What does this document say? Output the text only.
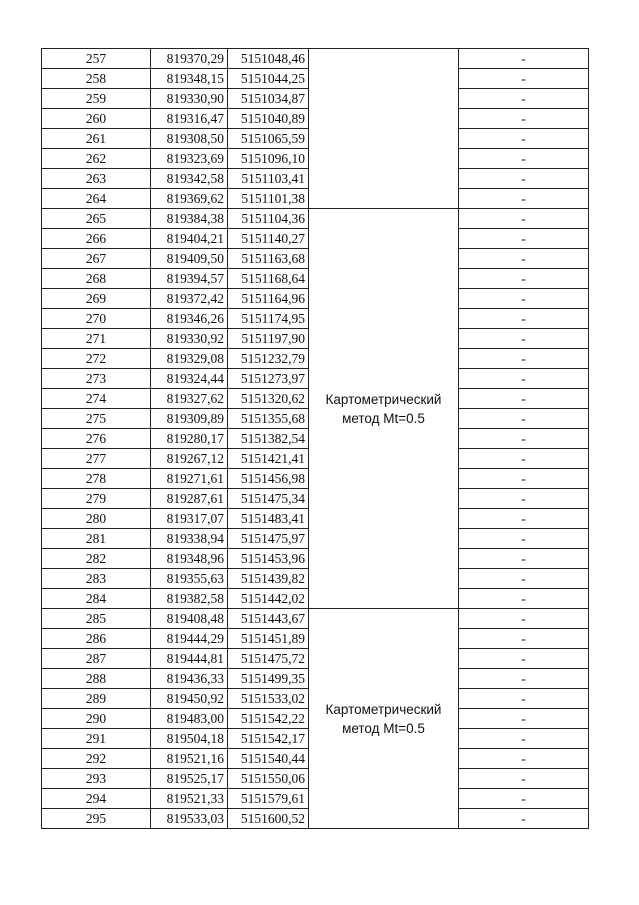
257	819370,29	5151048,46		-
258	819348,15	5151044,25		-
259	819330,90	5151034,87		-
260	819316,47	5151040,89		-
261	819308,50	5151065,59		-
262	819323,69	5151096,10		-
263	819342,58	5151103,41		-
264	819369,62	5151101,38		-
265	819384,38	5151104,36	Картометрический
метод Mt=0.5	-
266	819404,21	5151140,27		-
267	819409,50	5151163,68		-
268	819394,57	5151168,64		-
269	819372,42	5151164,96		-
270	819346,26	5151174,95		-
271	819330,92	5151197,90		-
272	819329,08	5151232,79		-
273	819324,44	5151273,97		-
274	819327,62	5151320,62		-
275	819309,89	5151355,68		-
276	819280,17	5151382,54		-
277	819267,12	5151421,41		-
278	819271,61	5151456,98		-
279	819287,61	5151475,34		-
280	819317,07	5151483,41		-
281	819338,94	5151475,97		-
282	819348,96	5151453,96		-
283	819355,63	5151439,82		-
284	819382,58	5151442,02		-
285	819408,48	5151443,67	Картометрический
метод Mt=0.5	-
286	819444,29	5151451,89		-
287	819444,81	5151475,72		-
288	819436,33	5151499,35		-
289	819450,92	5151533,02		-
290	819483,00	5151542,22		-
291	819504,18	5151542,17		-
292	819521,16	5151540,44		-
293	819525,17	5151550,06		-
294	819521,33	5151579,61		-
295	819533,03	5151600,52		-
